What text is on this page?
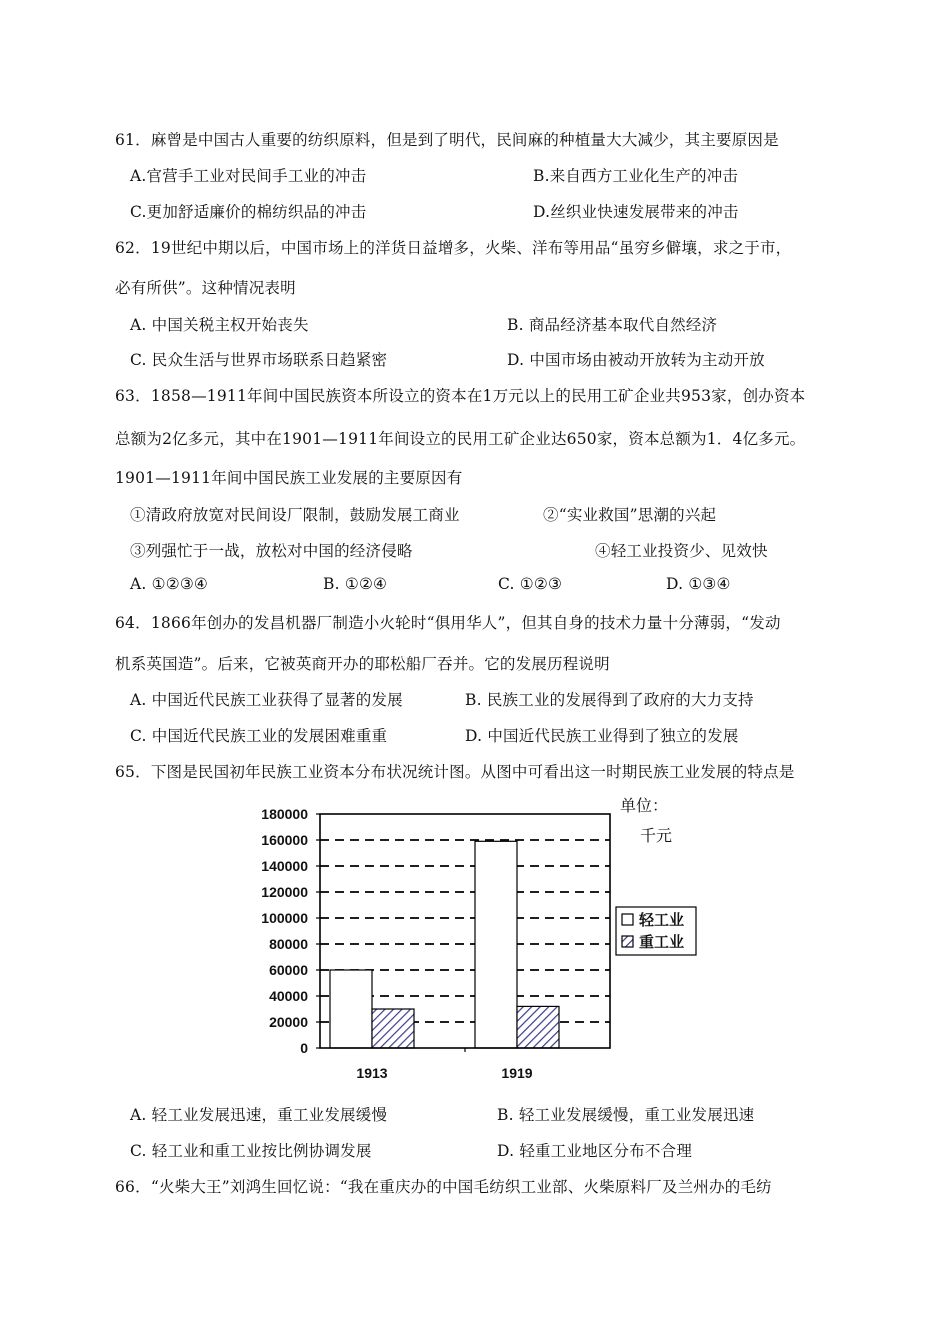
61．麻曾是中国古人重要的纺织原料，但是到了明代，民间麻的种植量大大减少，其主要原因是
A.官营手工业对民间手工业的冲击	B.来自西方工业化生产的冲击
C.更加舒适廉价的棉纺织品的冲击	D.丝织业快速发展带来的冲击
62．19世纪中期以后，中国市场上的洋货日益增多，火柴、洋布等用品“虽穷乡僻壤，求之于市，
必有所供”。这种情况表明
A. 中国关税主权开始丧失	B. 商品经济基本取代自然经济
C. 民众生活与世界市场联系日趋紧密	D. 中国市场由被动开放转为主动开放
63．1858—1911年间中国民族资本所设立的资本在1万元以上的民用工矿企业共953家，创办资本
总额为2亿多元，其中在1901—1911年间设立的民用工矿企业达650家，资本总额为1．4亿多元。
1901—1911年间中国民族工业发展的主要原因有
①清政府放宽对民间设厂限制，鼓励发展工商业	②“实业救国”思潮的兴起
③列强忙于一战，放松对中国的经济侵略	④轻工业投资少、见效快
A. ①②③④	B. ①②④	C. ①②③	D. ①③④
64．1866年创办的发昌机器厂制造小火轮时“俱用华人”，但其自身的技术力量十分薄弱，“发动
机系英国造”。后来，它被英商开办的耶松船厂吞并。它的发展历程说明
A. 中国近代民族工业获得了显著的发展	B. 民族工业的发展得到了政府的大力支持
C. 中国近代民族工业的发展困难重重	D. 中国近代民族工业得到了独立的发展
65．下图是民国初年民族工业资本分布状况统计图。从图中可看出这一时期民族工业发展的特点是
0
20000
40000
60000
80000
100000
120000
140000
160000
180000
1913	1919
单位：
千元
轻工业
重工业
A. 轻工业发展迅速，重工业发展缓慢	B. 轻工业发展缓慢，重工业发展迅速
C. 轻工业和重工业按比例协调发展	D. 轻重工业地区分布不合理
66．“火柴大王”刘鸿生回忆说：“我在重庆办的中国毛纺织工业部、火柴原料厂及兰州办的毛纺
